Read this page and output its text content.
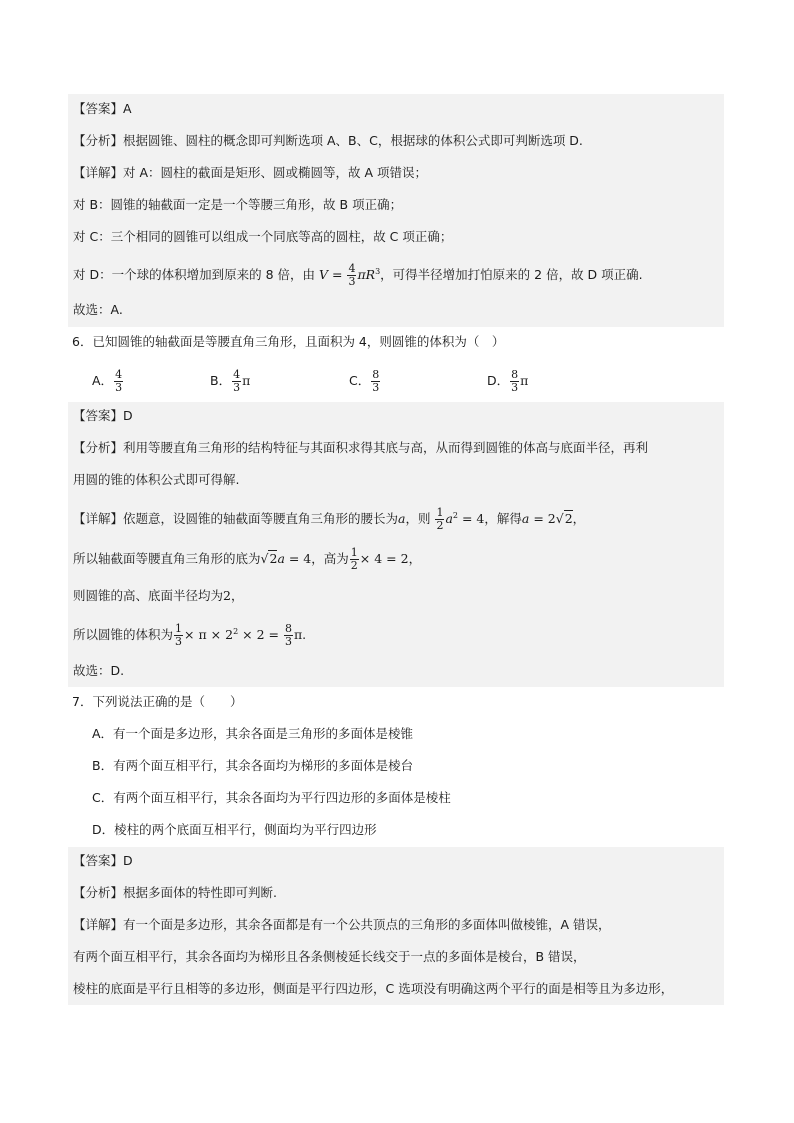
【答案】A
【分析】根据圆锥、圆柱的概念即可判断选项 A、B、C，根据球的体积公式即可判断选项 D.
【详解】对 A：圆柱的截面是矩形、圆或椭圆等，故 A 项错误；
对 B：圆锥的轴截面一定是一个等腰三角形，故 B 项正确；
对 C：三个相同的圆锥可以组成一个同底等高的圆柱，故 C 项正确；
对 D：一个球的体积增加到原来的 8 倍，由 $V = \frac{4}{3} \pi R^3$，可得半径增加打怕原来的 2 倍，故 D 项正确.
故选：A.
6．已知圆锥的轴截面是等腰直角三角形，且面积为 4，则圆锥的体积为（　）
A． $\frac{4}{3}$	B． $\frac{4}{3}$ π	C． $\frac{8}{3}$	D． $\frac{8}{3}$ π
【答案】D
【分析】利用等腰直角三角形的结构特征与其面积求得其底与高，从而得到圆锥的体高与底面半径，再利
用圆的锥的体积公式即可得解.
【详解】依题意，设圆锥的轴截面等腰直角三角形的腰长为a，则 $\frac{1}{2} a^2 = 4$，解得a = 2√2，
所以轴截面等腰直角三角形的底为√2a = 4，高为 $\frac{1}{2} \times 4 = 2$，
则圆锥的高、底面半径均为2，
所以圆锥的体积为 $\frac{1}{3} \times \pi \times 2^2 \times 2 = \frac{8}{3} \pi$.
故选：D.
7．下列说法正确的是（　　）
A．有一个面是多边形，其余各面是三角形的多面体是棱锥
B．有两个面互相平行，其余各面均为梯形的多面体是棱台
C．有两个面互相平行，其余各面均为平行四边形的多面体是棱柱
D．棱柱的两个底面互相平行，侧面均为平行四边形
【答案】D
【分析】根据多面体的特性即可判断.
【详解】有一个面是多边形，其余各面都是有一个公共顶点的三角形的多面体叫做棱锥，A 错误，
有两个面互相平行，其余各面均为梯形且各条侧棱延长线交于一点的多面体是棱台，B 错误，
棱柱的底面是平行且相等的多边形，侧面是平行四边形，C 选项没有明确这两个平行的面是相等且为多边形，
